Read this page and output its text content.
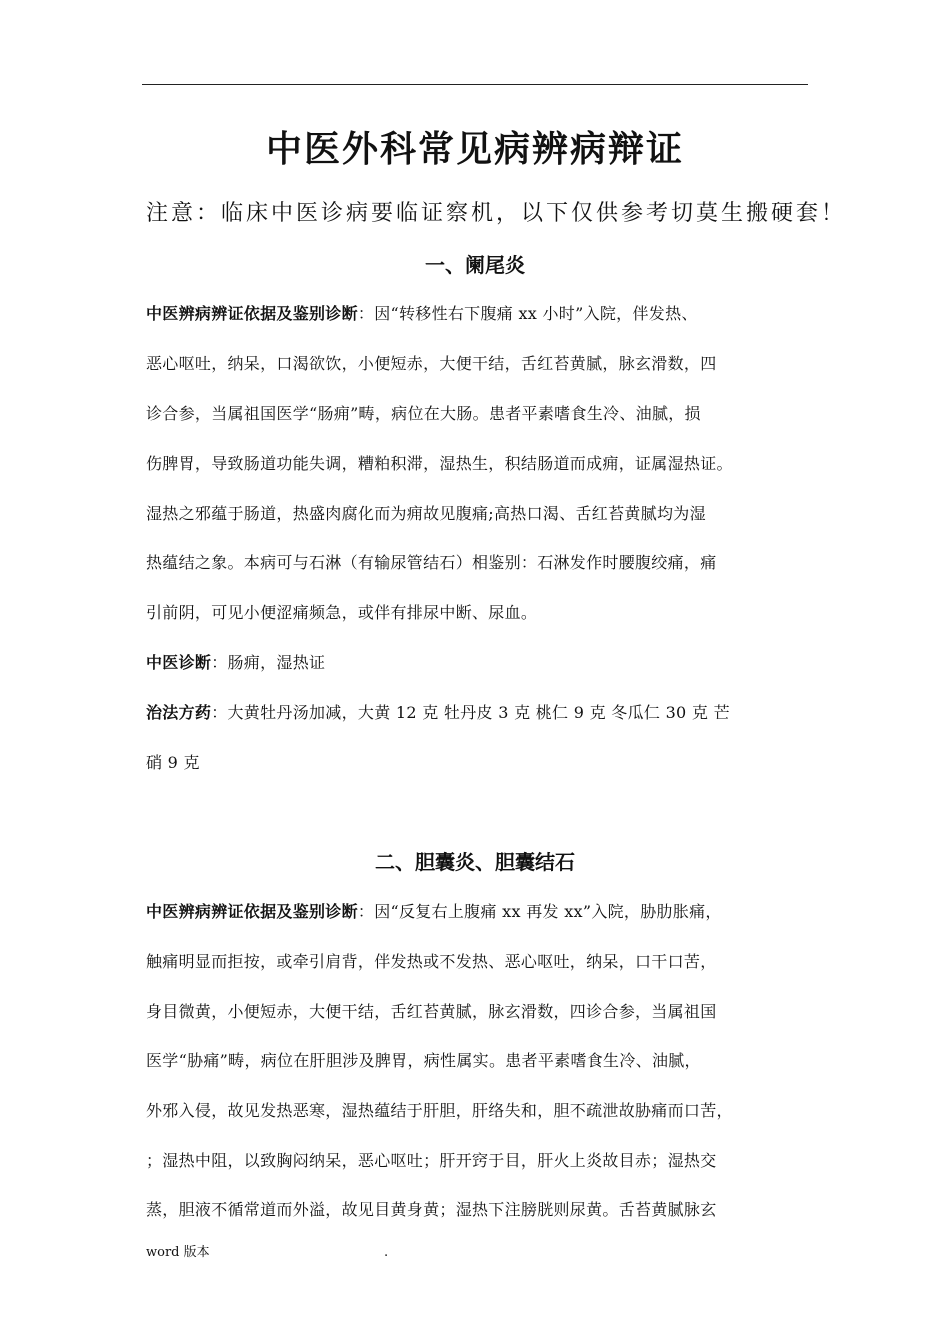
中医外科常见病辨病辩证
注意：临床中医诊病要临证察机，以下仅供参考切莫生搬硬套！
一、阑尾炎
中医辨病辨证依据及鉴别诊断：因“转移性右下腹痛 xx 小时”入院，伴发热、
恶心呕吐，纳呆，口渴欲饮，小便短赤，大便干结，舌红苔黄腻，脉玄滑数，四
诊合参，当属祖国医学“肠痈”畴，病位在大肠。患者平素嗜食生冷、油腻，损
伤脾胃，导致肠道功能失调，糟粕积滞，湿热生，积结肠道而成痈，证属湿热证。
湿热之邪蕴于肠道，热盛肉腐化而为痈故见腹痛;高热口渴、舌红苔黄腻均为湿
热蕴结之象。本病可与石淋（有输尿管结石）相鉴别：石淋发作时腰腹绞痛，痛
引前阴，可见小便涩痛频急，或伴有排尿中断、尿血。
中医诊断：肠痈，湿热证
治法方药：大黄牡丹汤加减，大黄 12 克 牡丹皮 3 克 桃仁 9 克 冬瓜仁 30 克 芒
硝 9 克
二、胆囊炎、胆囊结石
中医辨病辨证依据及鉴别诊断：因“反复右上腹痛 xx 再发 xx”入院，胁肋胀痛，
触痛明显而拒按，或牵引肩背，伴发热或不发热、恶心呕吐，纳呆，口干口苦，
身目微黄，小便短赤，大便干结，舌红苔黄腻，脉玄滑数，四诊合参，当属祖国
医学“胁痛”畴，病位在肝胆涉及脾胃，病性属实。患者平素嗜食生冷、油腻，
外邪入侵，故见发热恶寒，湿热蕴结于肝胆，肝络失和，胆不疏泄故胁痛而口苦，
；湿热中阻，以致胸闷纳呆，恶心呕吐；肝开窍于目，肝火上炎故目赤；湿热交
蒸，胆液不循常道而外溢，故见目黄身黄；湿热下注膀胱则尿黄。舌苔黄腻脉玄
word 版本	.
